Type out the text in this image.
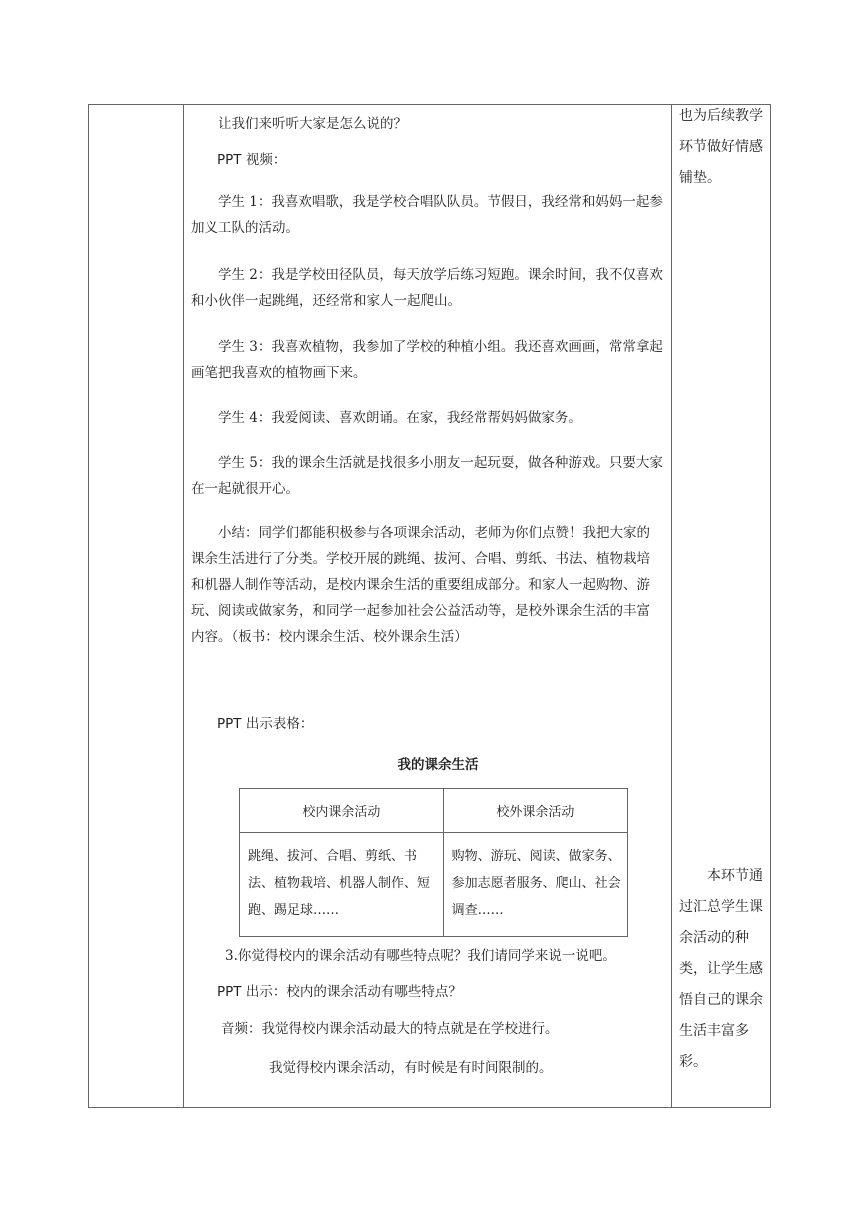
让我们来听听大家是怎么说的？

PPT 视频：

学生 1：我喜欢唱歌，我是学校合唱队队员。节假日，我经常和妈妈一起参加义工队的活动。

学生 2：我是学校田径队员，每天放学后练习短跑。课余时间，我不仅喜欢和小伙伴一起跳绳，还经常和家人一起爬山。

学生 3：我喜欢植物，我参加了学校的种植小组。我还喜欢画画，常常拿起画笔把我喜欢的植物画下来。

学生 4：我爱阅读、喜欢朗诵。在家，我经常帮妈妈做家务。

学生 5：我的课余生活就是找很多小朋友一起玩耍，做各种游戏。只要大家在一起就很开心。

小结：同学们都能积极参与各项课余活动，老师为你们点赞！我把大家的课余生活进行了分类。学校开展的跳绳、拔河、合唱、剪纸、书法、植物栽培和机器人制作等活动，是校内课余生活的重要组成部分。和家人一起购物、游玩、阅读或做家务，和同学一起参加社会公益活动等，是校外课余生活的丰富内容。（板书：校内课余生活、校外课余生活）

PPT 出示表格：

我的课余生活
校内课余活动	校外课余活动
跳绳、拔河、合唱、剪纸、书法、植物栽培、机器人制作、短跑、踢足球……	购物、游玩、阅读、做家务、参加志愿者服务、爬山、社会调查……

3.你觉得校内的课余活动有哪些特点呢？我们请同学来说一说吧。

PPT 出示：校内的课余活动有哪些特点？

音频：我觉得校内课余活动最大的特点就是在学校进行。

我觉得校内课余活动，有时候是有时间限制的。

也为后续教学环节做好情感铺垫。
本环节通过汇总学生课余活动的种类，让学生感悟自己的课余生活丰富多彩。
